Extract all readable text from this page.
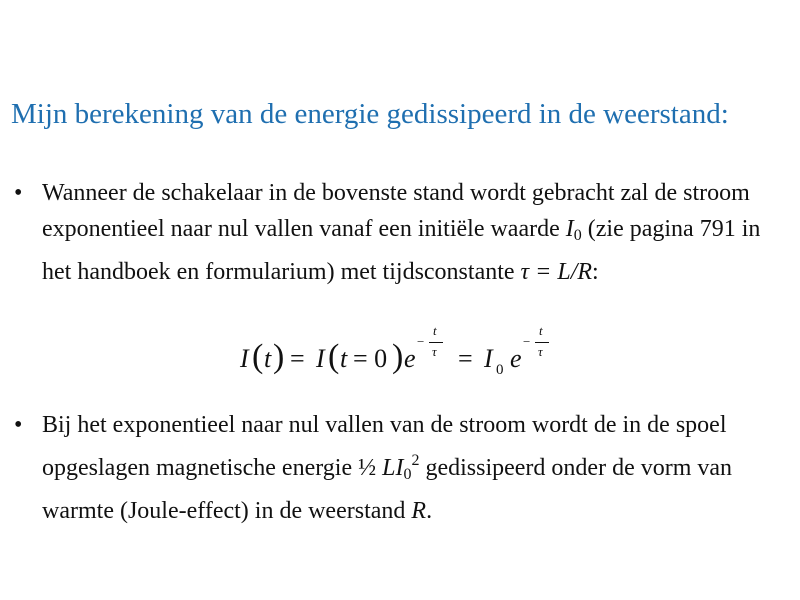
Mijn berekening van de energie gedissipeerd in de weerstand:
• Wanneer de schakelaar in de bovenste stand wordt gebracht zal de stroom exponentieel naar nul vallen vanaf een initiële waarde $I_0$ (zie pagina 791 in het handboek en formularium) met tijdsconstante τ = L/R:
I ( t ) = I ( t = 0 ) e
−
t
τ = I 0 e
−
t
τ
• Bij het exponentieel naar nul vallen van de stroom wordt de in de spoel opgeslagen magnetische energie ½ $LI_0^2$ gedissipeerd onder de vorm van warmte (Joule-effect) in de weerstand R.
